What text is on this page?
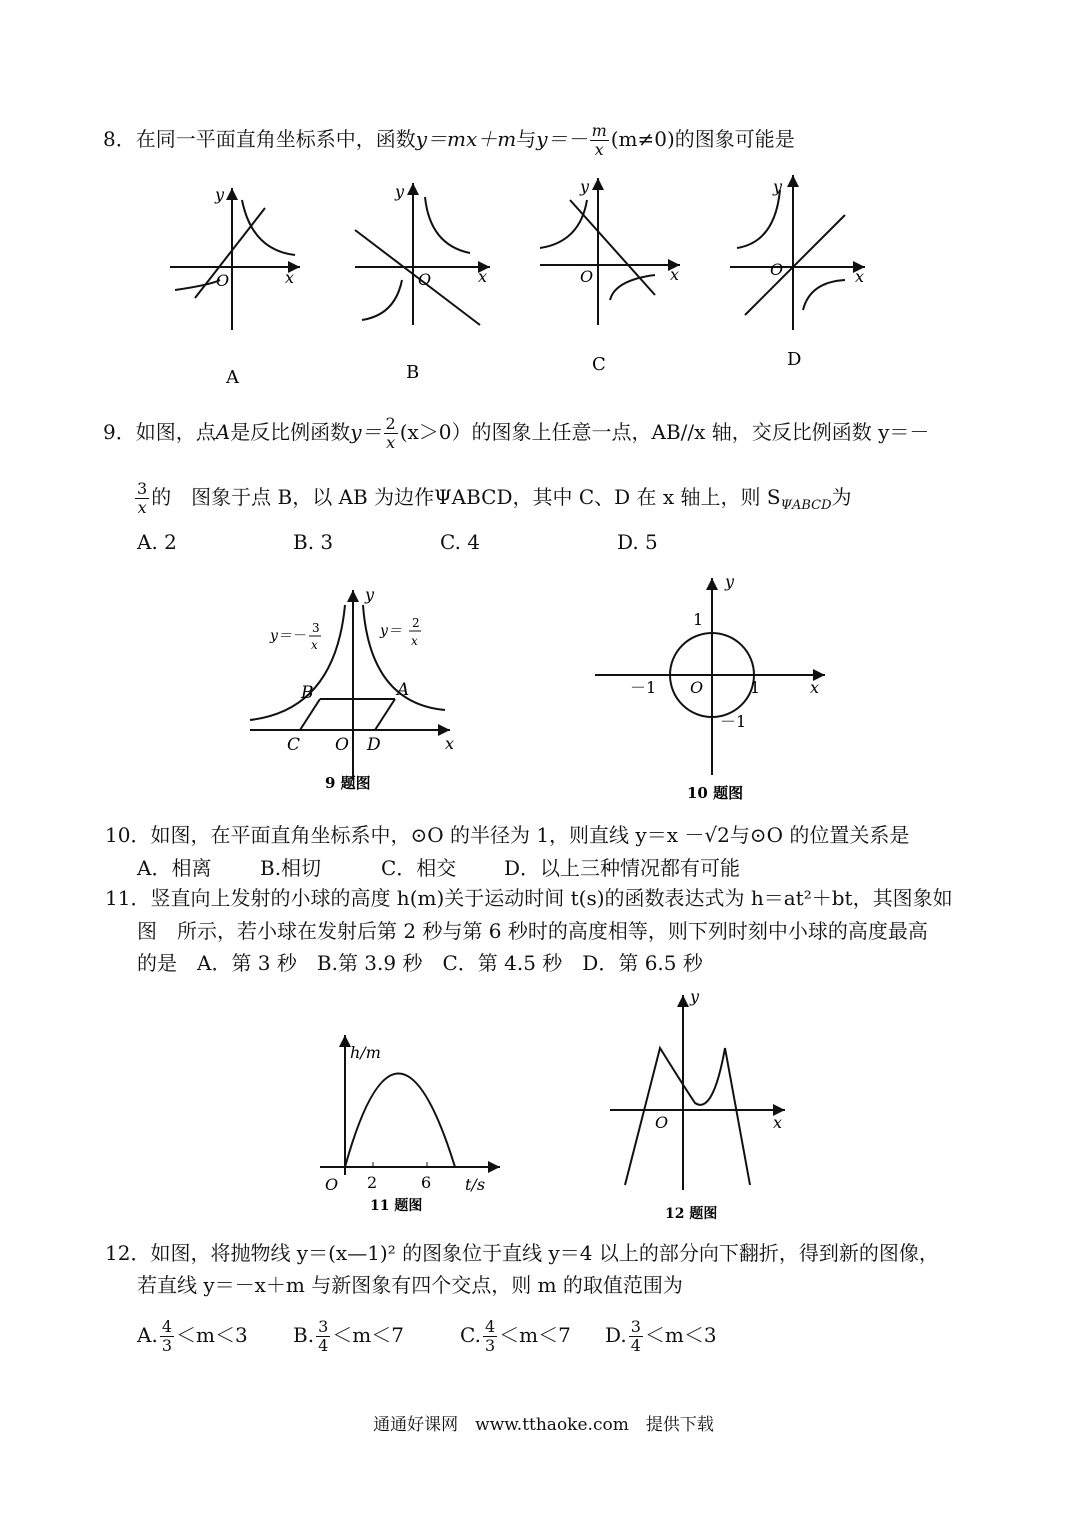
8．在同一平面直角坐标系中，函数y＝mx＋m与$y=- \frac{m}{x} (m\ne 0)$的图象可能是
y
x
O
A
y
x
O
B
y
x
O
C
y
x
O
D
9．如图，点A是反比例函数$y= \frac{2}{x} (x>0)$的图象上任意一点，AB//x 轴，交反比例函数 y＝－
$\frac{3}{x}$ 的　图象于点 B，以 AB 为边作ΨABCD，其中 C、D 在 x 轴上，则 $S_{\Psi ABCD}$为
A. 2	B. 3	C. 4	D. 5
y
x
y＝－ 3
x
y＝ 2
x
B	A
C O D
9 题图
y
x
1
－1	1
－1
O
10 题图
10．如图，在平面直角坐标系中，⊙O 的半径为 1，则直线 y＝x －√2与⊙O 的位置关系是
A．相离 B.相切	C．相交 D．以上三种情况都有可能
11．竖直向上发射的小球的高度 h(m)关于运动时间 t(s)的函数表达式为 h＝at²＋bt，其图象如
图　所示，若小球在发射后第 2 秒与第 6 秒时的高度相等，则下列时刻中小球的高度最高
的是　 A．第 3 秒　 B.第 3.9 秒　 C．第 4.5 秒　 D．第 6.5 秒
h/m
t/s
2	6
O
11 题图
y
x
O
12 题图
12．如图，将抛物线 y＝(x—1)² 的图象位于直线 y＝4 以上的部分向下翻折，得到新的图像，
若直线 y＝－x＋m 与新图象有四个交点，则 m 的取值范围为
A. $\frac{4}{3} <m<3$ B. $\frac{3}{4} <m<7$	C. $\frac{4}{3} <m<7$ D. $\frac{3}{4} <m<3$
通通好课网　www.tthaoke.com　提供下载
